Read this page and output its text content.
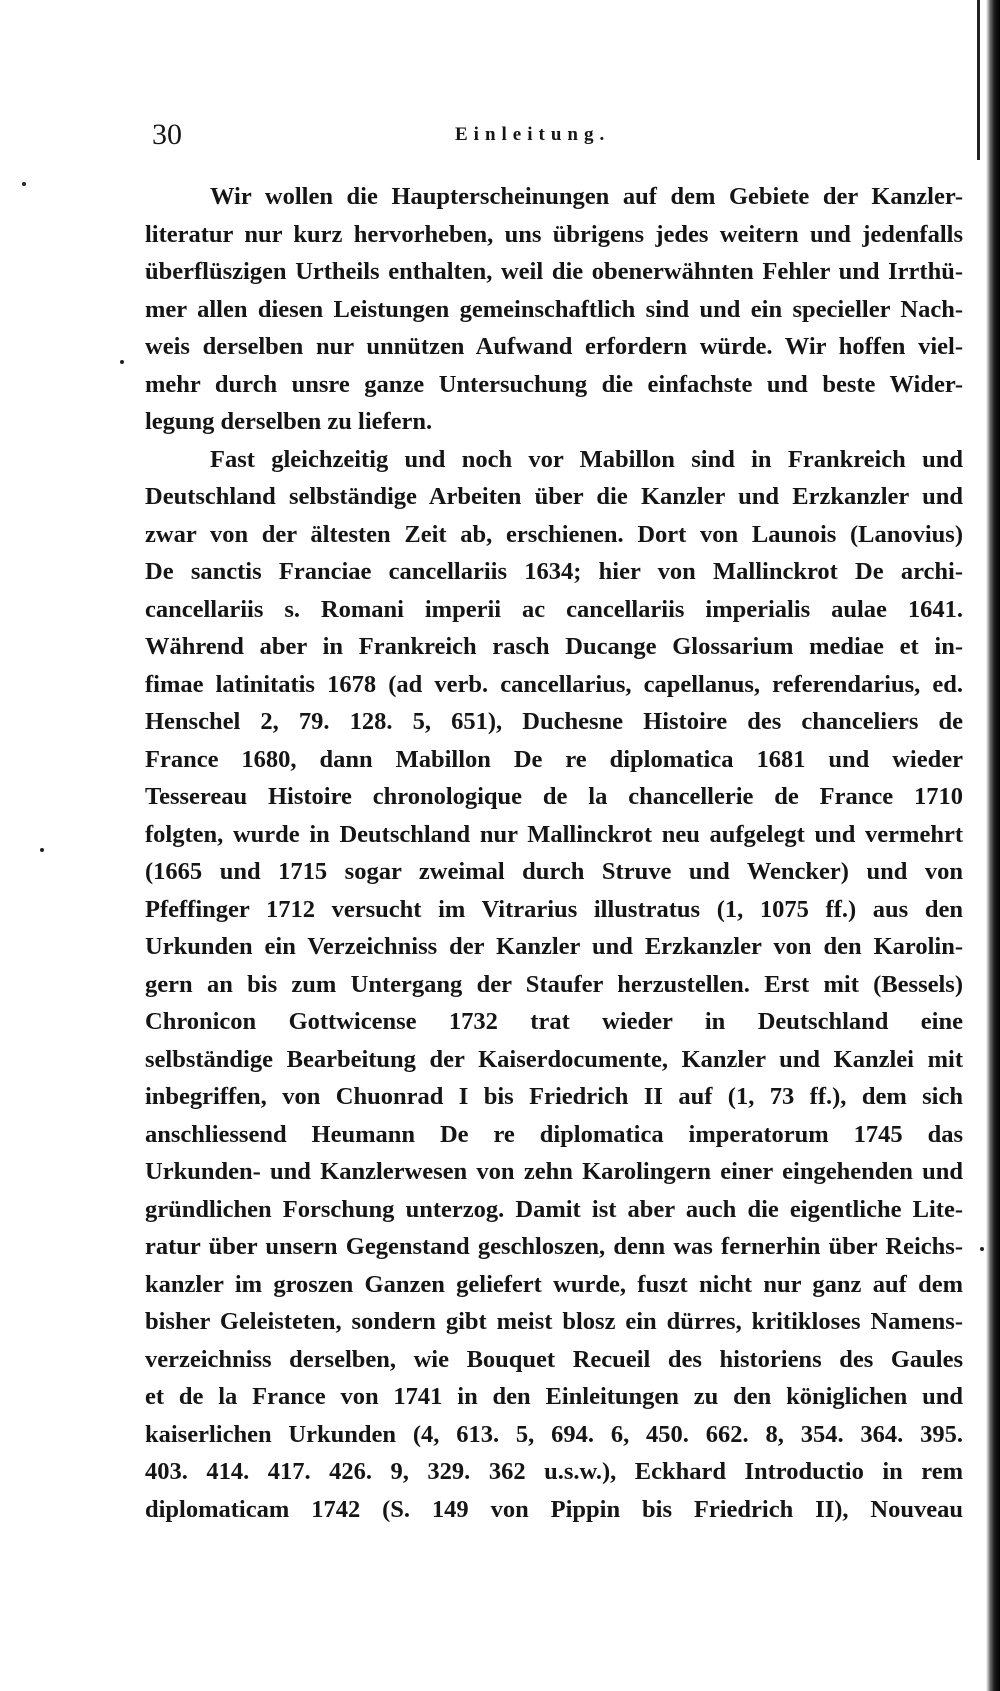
30	Einleitung.
Wir wollen die Haupterscheinungen auf dem Gebiete der Kanzler-
literatur nur kurz hervorheben, uns übrigens jedes weitern und jedenfalls
überflüszigen Urtheils enthalten, weil die obenerwähnten Fehler und Irrthü-
mer allen diesen Leistungen gemeinschaftlich sind und ein specieller Nach-
weis derselben nur unnützen Aufwand erfordern würde. Wir hoffen viel-
mehr durch unsre ganze Untersuchung die einfachste und beste Wider-
legung derselben zu liefern.
Fast gleichzeitig und noch vor Mabillon sind in Frankreich und
Deutschland selbständige Arbeiten über die Kanzler und Erzkanzler und
zwar von der ältesten Zeit ab, erschienen. Dort von Launois (Lanovius)
De sanctis Franciae cancellariis 1634; hier von Mallinckrot De archi-
cancellariis s. Romani imperii ac cancellariis imperialis aulae 1641.
Während aber in Frankreich rasch Ducange Glossarium mediae et in-
fimae latinitatis 1678 (ad verb. cancellarius, capellanus, referendarius, ed.
Henschel 2, 79. 128. 5, 651), Duchesne Histoire des chanceliers de
France 1680, dann Mabillon De re diplomatica 1681 und wieder
Tessereau Histoire chronologique de la chancellerie de France 1710
folgten, wurde in Deutschland nur Mallinckrot neu aufgelegt und vermehrt
(1665 und 1715 sogar zweimal durch Struve und Wencker) und von
Pfeffinger 1712 versucht im Vitrarius illustratus (1, 1075 ff.) aus den
Urkunden ein Verzeichniss der Kanzler und Erzkanzler von den Karolin-
gern an bis zum Untergang der Staufer herzustellen. Erst mit (Bessels)
Chronicon Gottwicense 1732 trat wieder in Deutschland eine
selbständige Bearbeitung der Kaiserdocumente, Kanzler und Kanzlei mit
inbegriffen, von Chuonrad I bis Friedrich II auf (1, 73 ff.), dem sich
anschliessend Heumann De re diplomatica imperatorum 1745 das
Urkunden- und Kanzlerwesen von zehn Karolingern einer eingehenden und
gründlichen Forschung unterzog. Damit ist aber auch die eigentliche Lite-
ratur über unsern Gegenstand geschloszen, denn was fernerhin über Reichs-
kanzler im groszen Ganzen geliefert wurde, fuszt nicht nur ganz auf dem
bisher Geleisteten, sondern gibt meist blosz ein dürres, kritikloses Namens-
verzeichniss derselben, wie Bouquet Recueil des historiens des Gaules
et de la France von 1741 in den Einleitungen zu den königlichen und
kaiserlichen Urkunden (4, 613. 5, 694. 6, 450. 662. 8, 354. 364. 395.
403. 414. 417. 426. 9, 329. 362 u.s.w.), Eckhard Introductio in rem
diplomaticam 1742 (S. 149 von Pippin bis Friedrich II), Nouveau
